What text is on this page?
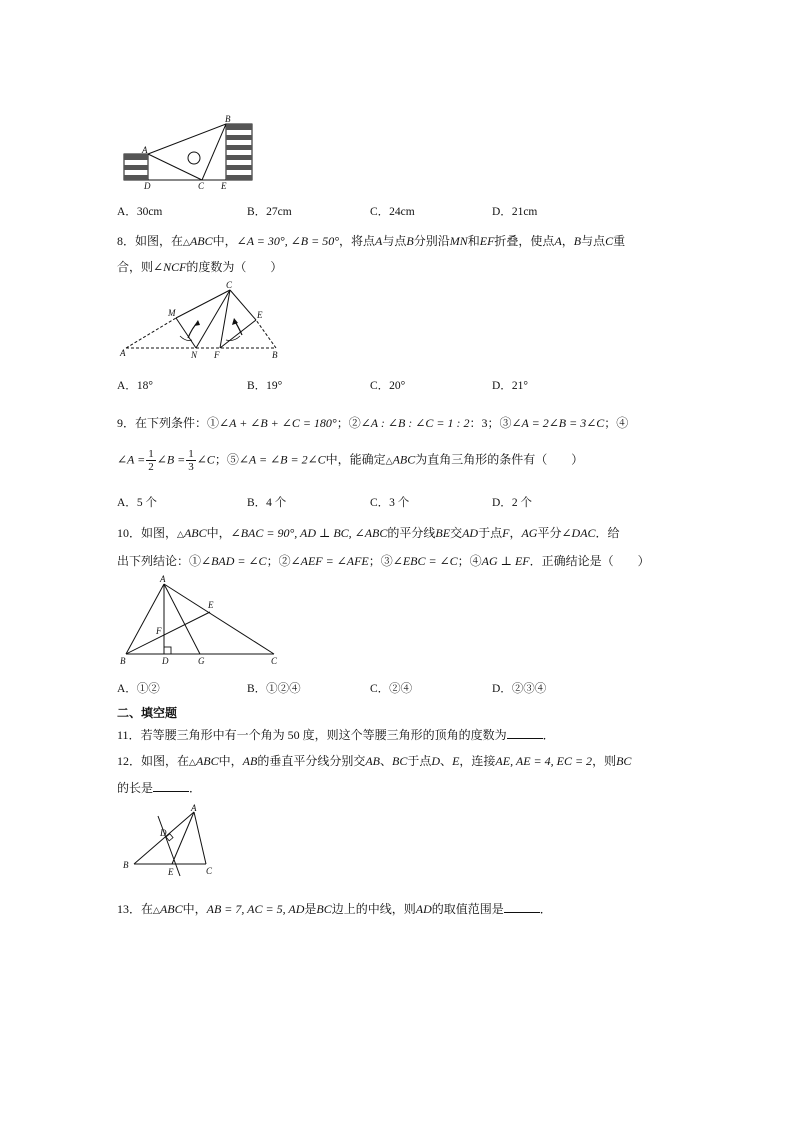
A
B
D	C E
A．30cm	B．27cm	C．24cm	D．21cm
8．如图，在△ABC中，∠A = 30°, ∠B = 50°，将点A与点B分别沿MN和EF折叠，使点A，B与点C重
合，则∠NCF的度数为（　　）
C
M	E
A	N F	B
A．18°	B．19°	C．20°	D．21°
9．在下列条件：①∠A + ∠B + ∠C = 180°；②∠A : ∠B : ∠C = 1 : 2：3；③∠A = 2∠B = 3∠C；④
∠A = $\frac{1}{2}$ ∠B = $\frac{1}{3}$ ∠C；⑤∠A = ∠B = 2∠C中，能确定△ABC为直角三角形的条件有（　　）
A．5 个	B．4 个	C．3 个	D．2 个
10．如图，△ABC中，∠BAC = 90°, AD ⊥ BC, ∠ABC的平分线BE交AD于点F，AG平分∠DAC．给
出下列结论：①∠BAD = ∠C；②∠AEF = ∠AFE；③∠EBC = ∠C；④AG ⊥ EF．正确结论是（　　）
A
E
F
B	D	G	C
A．①②	B．①②④	C．②④	D．②③④
二、填空题
11．若等腰三角形中有一个角为 50 度，则这个等腰三角形的顶角的度数为	．
12．如图，在△ABC中，AB的垂直平分线分别交AB、BC于点D、E，连接AE, AE = 4, EC = 2，则BC
的长是	．
A
D
B
E	C
13．在△ABC中，AB = 7, AC = 5, AD是BC边上的中线，则AD的取值范围是	．
